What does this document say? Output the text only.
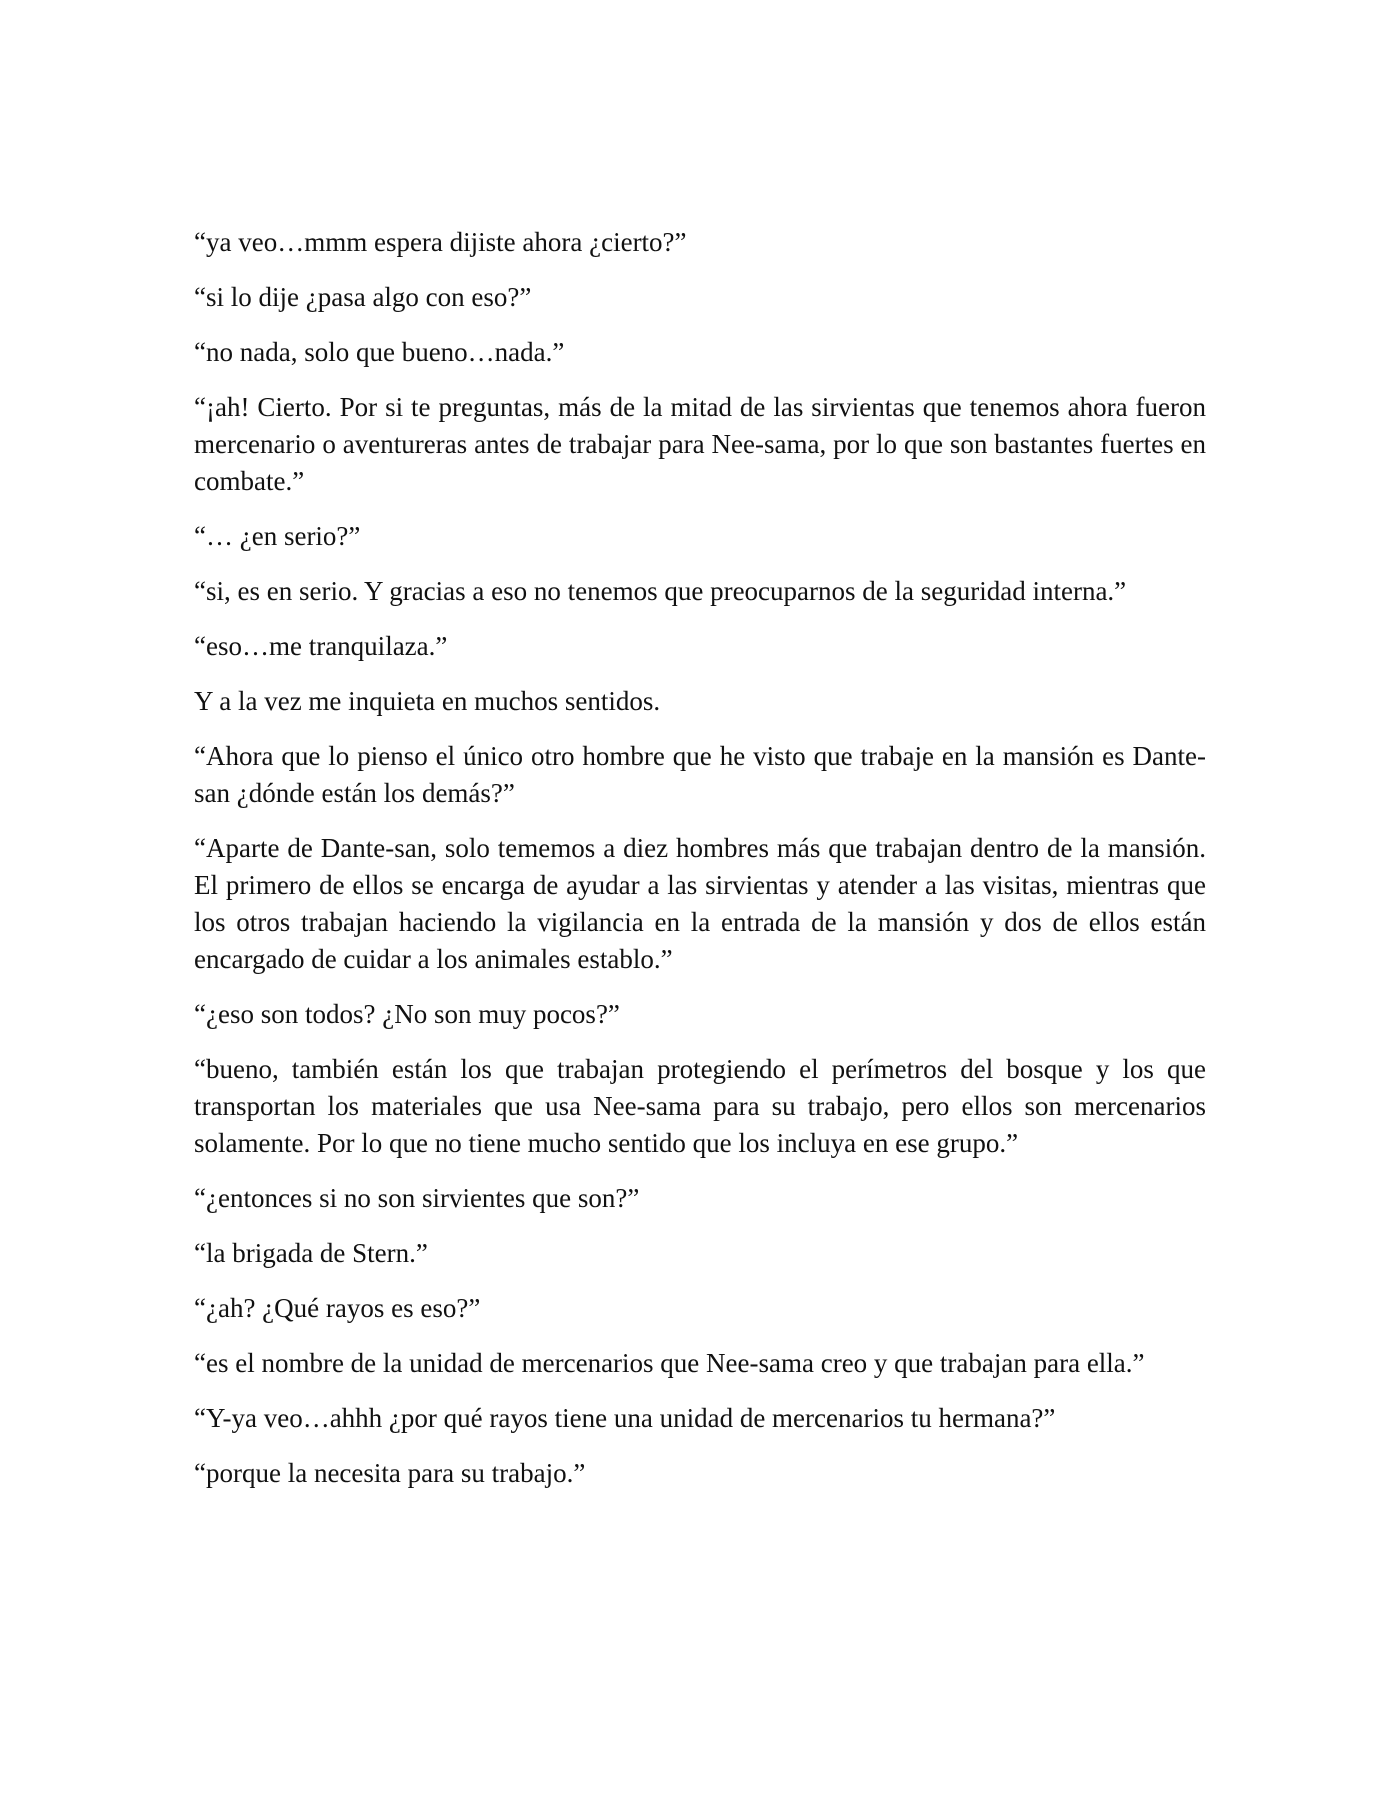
“ya veo…mmm espera dijiste ahora ¿cierto?”

“si lo dije ¿pasa algo con eso?”

“no nada, solo que bueno…nada.”

“¡ah! Cierto. Por si te preguntas, más de la mitad de las sirvientas que tenemos ahora fueron mercenario o aventureras antes de trabajar para Nee-sama, por lo que son bastantes fuertes en combate.”

“… ¿en serio?”

“si, es en serio. Y gracias a eso no tenemos que preocuparnos de la seguridad interna.”

“eso…me tranquilaza.”

Y a la vez me inquieta en muchos sentidos.

“Ahora que lo pienso el único otro hombre que he visto que trabaje en la mansión es Dante-san ¿dónde están los demás?”

“Aparte de Dante-san, solo tememos a diez hombres más que trabajan dentro de la mansión. El primero de ellos se encarga de ayudar a las sirvientas y atender a las visitas, mientras que los otros trabajan haciendo la vigilancia en la entrada de la mansión y dos de ellos están encargado de cuidar a los animales establo.”

“¿eso son todos? ¿No son muy pocos?”

“bueno, también están los que trabajan protegiendo el perímetros del bosque y los que transportan los materiales que usa Nee-sama para su trabajo, pero ellos son mercenarios solamente. Por lo que no tiene mucho sentido que los incluya en ese grupo.”

“¿entonces si no son sirvientes que son?”

“la brigada de Stern.”

“¿ah? ¿Qué rayos es eso?”

“es el nombre de la unidad de mercenarios que Nee-sama creo y que trabajan para ella.”

“Y-ya veo…ahhh ¿por qué rayos tiene una unidad de mercenarios tu hermana?”

“porque la necesita para su trabajo.”
